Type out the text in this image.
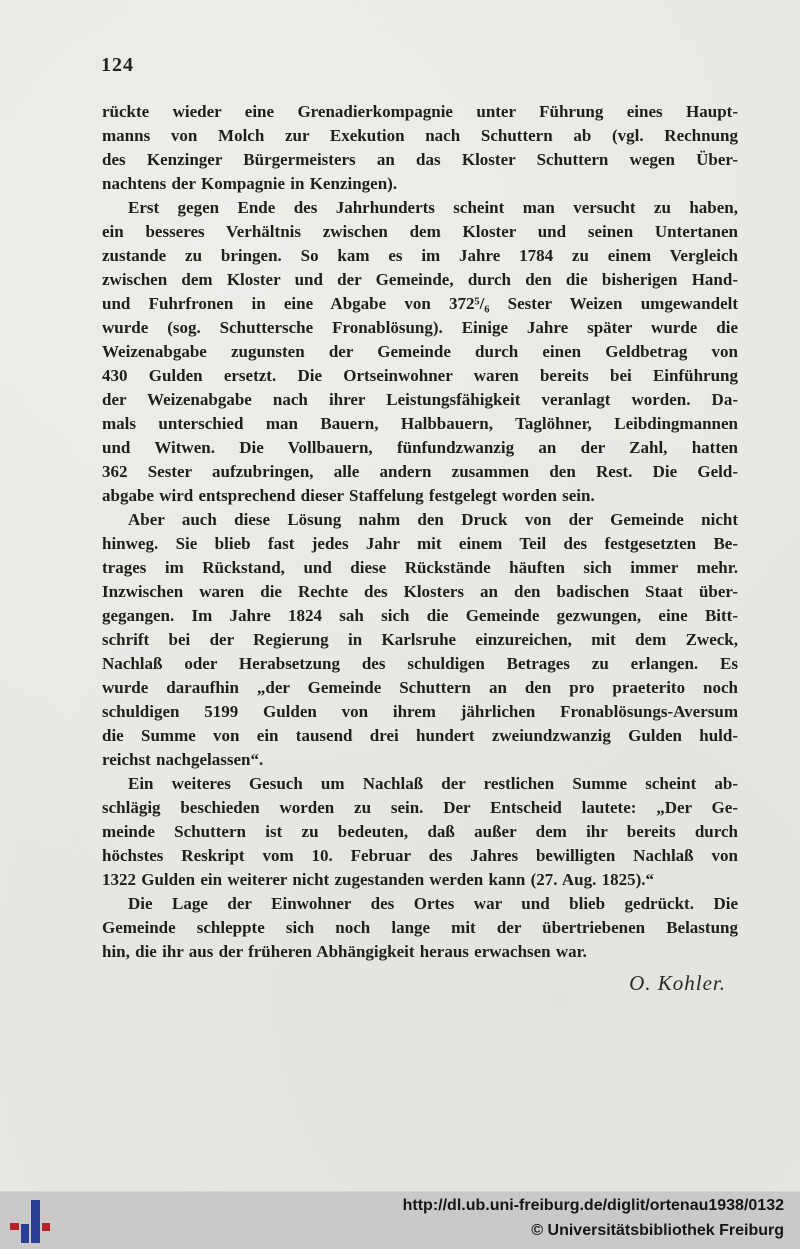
124
rückte wieder eine Grenadierkompagnie unter Führung eines Haupt-
manns von Molch zur Exekution nach Schuttern ab (vgl. Rechnung
des Kenzinger Bürgermeisters an das Kloster Schuttern wegen Über-
nachtens der Kompagnie in Kenzingen).
Erst gegen Ende des Jahrhunderts scheint man versucht zu haben,
ein besseres Verhältnis zwischen dem Kloster und seinen Untertanen
zustande zu bringen. So kam es im Jahre 1784 zu einem Vergleich
zwischen dem Kloster und der Gemeinde, durch den die bisherigen Hand-
und Fuhrfronen in eine Abgabe von 372⁵/₆ Sester Weizen umgewandelt
wurde (sog. Schuttersche Fronablösung). Einige Jahre später wurde die
Weizenabgabe zugunsten der Gemeinde durch einen Geldbetrag von
430 Gulden ersetzt. Die Ortseinwohner waren bereits bei Einführung
der Weizenabgabe nach ihrer Leistungsfähigkeit veranlagt worden. Da-
mals unterschied man Bauern, Halbbauern, Taglöhner, Leibdingmannen
und Witwen. Die Vollbauern, fünfundzwanzig an der Zahl, hatten
362 Sester aufzubringen, alle andern zusammen den Rest. Die Geld-
abgabe wird entsprechend dieser Staffelung festgelegt worden sein.
Aber auch diese Lösung nahm den Druck von der Gemeinde nicht
hinweg. Sie blieb fast jedes Jahr mit einem Teil des festgesetzten Be-
trages im Rückstand, und diese Rückstände häuften sich immer mehr.
Inzwischen waren die Rechte des Klosters an den badischen Staat über-
gegangen. Im Jahre 1824 sah sich die Gemeinde gezwungen, eine Bitt-
schrift bei der Regierung in Karlsruhe einzureichen, mit dem Zweck,
Nachlaß oder Herabsetzung des schuldigen Betrages zu erlangen. Es
wurde daraufhin „der Gemeinde Schuttern an den pro praeterito noch
schuldigen 5199 Gulden von ihrem jährlichen Fronablösungs-Aversum
die Summe von ein tausend drei hundert zweiundzwanzig Gulden huld-
reichst nachgelassen“.
Ein weiteres Gesuch um Nachlaß der restlichen Summe scheint ab-
schlägig beschieden worden zu sein. Der Entscheid lautete: „Der Ge-
meinde Schuttern ist zu bedeuten, daß außer dem ihr bereits durch
höchstes Reskript vom 10. Februar des Jahres bewilligten Nachlaß von
1322 Gulden ein weiterer nicht zugestanden werden kann (27. Aug. 1825).“
Die Lage der Einwohner des Ortes war und blieb gedrückt. Die
Gemeinde schleppte sich noch lange mit der übertriebenen Belastung
hin, die ihr aus der früheren Abhängigkeit heraus erwachsen war.
O. Kohler.
http://dl.ub.uni-freiburg.de/diglit/ortenau1938/0132
© Universitätsbibliothek Freiburg
